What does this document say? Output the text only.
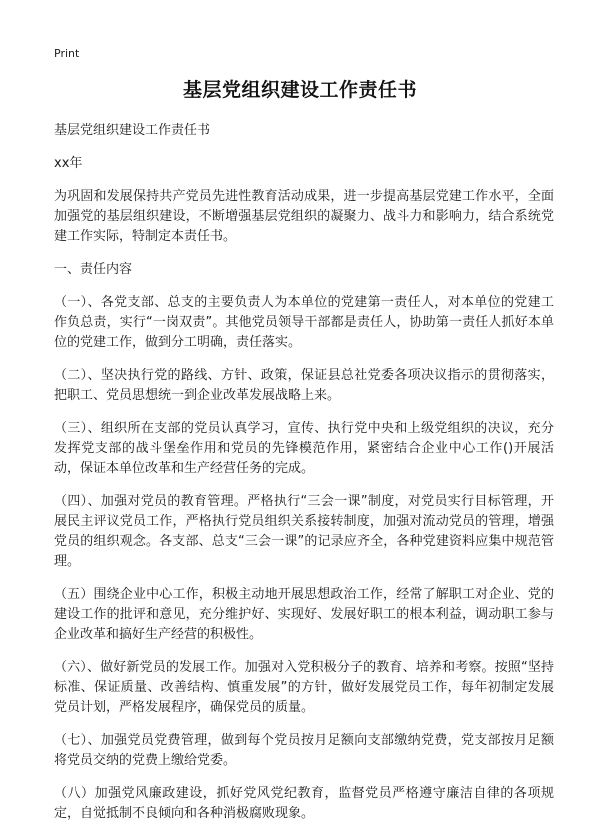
Print
基层党组织建设工作责任书

基层党组织建设工作责任书

xx年

为巩固和发展保持共产党员先进性教育活动成果，进一步提高基层党建工作水平，全面加强党的基层组织建设，不断增强基层党组织的凝聚力、战斗力和影响力，结合系统党建工作实际，特制定本责任书。

一、责任内容

（一）、各党支部、总支的主要负责人为本单位的党建第一责任人，对本单位的党建工作负总责，实行“一岗双责”。其他党员领导干部都是责任人，协助第一责任人抓好本单位的党建工作，做到分工明确，责任落实。

（二）、坚决执行党的路线、方针、政策，保证县总社党委各项决议指示的贯彻落实，把职工、党员思想统一到企业改革发展战略上来。

（三）、组织所在支部的党员认真学习，宣传、执行党中央和上级党组织的决议，充分发挥党支部的战斗堡垒作用和党员的先锋模范作用，紧密结合企业中心工作()开展活动，保证本单位改革和生产经营任务的完成。

（四）、加强对党员的教育管理。严格执行“三会一课”制度，对党员实行目标管理，开展民主评议党员工作，严格执行党员组织关系接转制度，加强对流动党员的管理，增强党员的组织观念。各支部、总支“三会一课”的记录应齐全，各种党建资料应集中规范管理。

（五）围绕企业中心工作，积极主动地开展思想政治工作，经常了解职工对企业、党的建设工作的批评和意见，充分维护好、实现好、发展好职工的根本利益，调动职工参与企业改革和搞好生产经营的积极性。

（六）、做好新党员的发展工作。加强对入党积极分子的教育、培养和考察。按照“坚持标准、保证质量、改善结构、慎重发展”的方针，做好发展党员工作，每年初制定发展党员计划，严格发展程序，确保党员的质量。

（七）、加强党员党费管理，做到每个党员按月足额向支部缴纳党费，党支部按月足额将党员交纳的党费上缴给党委。

（八）加强党风廉政建设，抓好党风党纪教育，监督党员严格遵守廉洁自律的各项规定，自觉抵制不良倾向和各种消极腐败现象。
